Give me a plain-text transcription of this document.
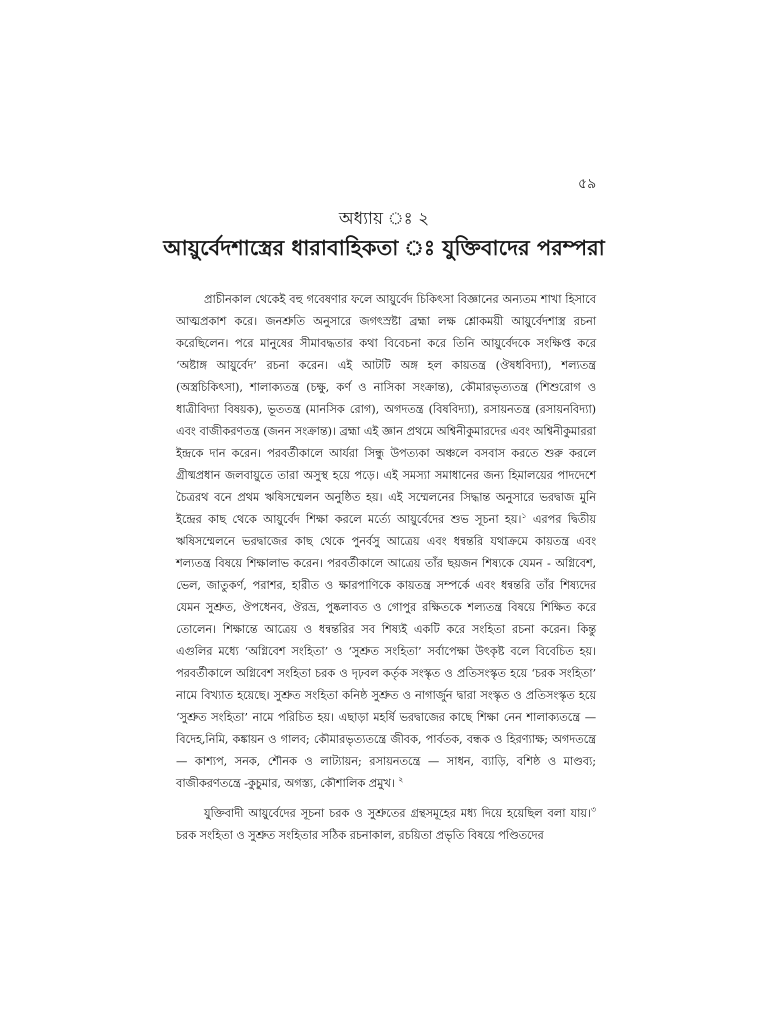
৫৯
অধ্যায় ঃ ২
আয়ুর্বেদশাস্ত্রের ধারাবাহিকতা ঃ যুক্তিবাদের পরম্পরা

প্রাচীনকাল থেকেই বহু গবেষণার ফলে আয়ুর্বেদ চিকিৎসা বিজ্ঞানের অন্যতম শাখা হিসাবে আত্মপ্রকাশ করে। জনশ্রুতি অনুসারে জগৎস্রষ্টা ব্রহ্মা লক্ষ শ্লোকময়ী আয়ুর্বেদশাস্ত্র রচনা করেছিলেন। পরে মানুষের সীমাবদ্ধতার কথা বিবেচনা করে তিনি আয়ুর্বেদকে সংক্ষিপ্ত করে ‘অষ্টাঙ্গ আয়ুর্বেদ’ রচনা করেন। এই আটটি অঙ্গ হল কায়তন্ত্র (ঔষধবিদ্যা), শল্যতন্ত্র (অস্ত্রচিকিৎসা), শালাক্যতন্ত্র (চক্ষু, কর্ণ ও নাসিকা সংক্রান্ত), কৌমারভৃত্যতন্ত্র (শিশুরোগ ও ধাত্রীবিদ্যা বিষয়ক), ভূততন্ত্র (মানসিক রোগ), অগদতন্ত্র (বিষবিদ্যা), রসায়নতন্ত্র (রসায়নবিদ্যা) এবং বাজীকরণতন্ত্র (জনন সংক্রান্ত)। ব্রহ্মা এই জ্ঞান প্রথমে অশ্বিনীকুমারদের এবং অশ্বিনীকুমাররা ইন্দ্রকে দান করেন। পরবর্তীকালে আর্যরা সিন্ধু উপত্যকা অঞ্চলে বসবাস করতে শুরু করলে গ্রীষ্মপ্রধান জলবায়ুতে তারা অসুস্থ হয়ে পড়ে। এই সমস্যা সমাধানের জন্য হিমালয়ের পাদদেশে চৈত্ররথ বনে প্রথম ঋষিসম্মেলন অনুষ্ঠিত হয়। এই সম্মেলনের সিদ্ধান্ত অনুসারে ভরদ্বাজ মুনি ইন্দ্রের কাছ থেকে আয়ুর্বেদ শিক্ষা করলে মর্ত্যে আয়ুর্বেদের শুভ সূচনা হয়।$^১$ এরপর দ্বিতীয় ঋষিসম্মেলনে ভরদ্বাজের কাছ থেকে পুনর্বসু আত্রেয় এবং ধন্বন্তরি যথাক্রমে কায়তন্ত্র এবং শল্যতন্ত্র বিষয়ে শিক্ষালাভ করেন। পরবর্তীকালে আত্রেয় তাঁর ছয়জন শিষ্যকে যেমন - অগ্নিবেশ, ভেল, জাতুকর্ণ, পরাশর, হারীত ও ক্ষারপাণিকে কায়তন্ত্র সম্পর্কে এবং ধন্বন্তরি তাঁর শিষ্যদের যেমন সুশ্রুত, ঔপধেনব, ঔরভ্র, পুষ্কলাবত ও গোপুর রক্ষিতকে শল্যতন্ত্র বিষয়ে শিক্ষিত করে তোলেন। শিক্ষান্তে আত্রেয় ও ধন্বন্তরির সব শিষ্যই একটি করে সংহিতা রচনা করেন। কিন্তু এগুলির মধ্যে ‘অগ্নিবেশ সংহিতা’ ও ‘সুশ্রুত সংহিতা’ সর্বাপেক্ষা উৎকৃষ্ট বলে বিবেচিত হয়। পরবর্তীকালে অগ্নিবেশ সংহিতা চরক ও দৃঢ়বল কর্তৃক সংস্কৃত ও প্রতিসংস্কৃত হয়ে ‘চরক সংহিতা’ নামে বিখ্যাত হয়েছে। সুশ্রুত সংহিতা কনিষ্ঠ সুশ্রুত ও নাগার্জুন দ্বারা সংস্কৃত ও প্রতিসংস্কৃত হয়ে ‘সুশ্রুত সংহিতা’ নামে পরিচিত হয়। এছাড়া মহর্ষি ভরদ্বাজের কাছে শিক্ষা নেন শালাক্যতন্ত্রে — বিদেহ,নিমি, কঙ্কায়ন ও গালব; কৌমারভৃত্যতন্ত্রে জীবক, পার্বতক, বন্ধক ও হিরণ্যাক্ষ; অগদতন্ত্রে — কাশ্যপ, সনক, শৌনক ও লাট্যায়ন; রসায়নতন্ত্রে — সাধন, ব্যাড়ি, বশিষ্ঠ ও মাণ্ডব্য; বাজীকরণতন্ত্রে -কুচুমার, অগস্ত্য, কৌশালিক প্রমুখ। $^২$

যুক্তিবাদী আয়ুর্বেদের সূচনা চরক ও সুশ্রুতের গ্রন্থসমূহের মধ্য দিয়ে হয়েছিল বলা যায়।$^৩$ চরক সংহিতা ও সুশ্রুত সংহিতার সঠিক রচনাকাল, রচয়িতা প্রভৃতি বিষয়ে পণ্ডিতদের
